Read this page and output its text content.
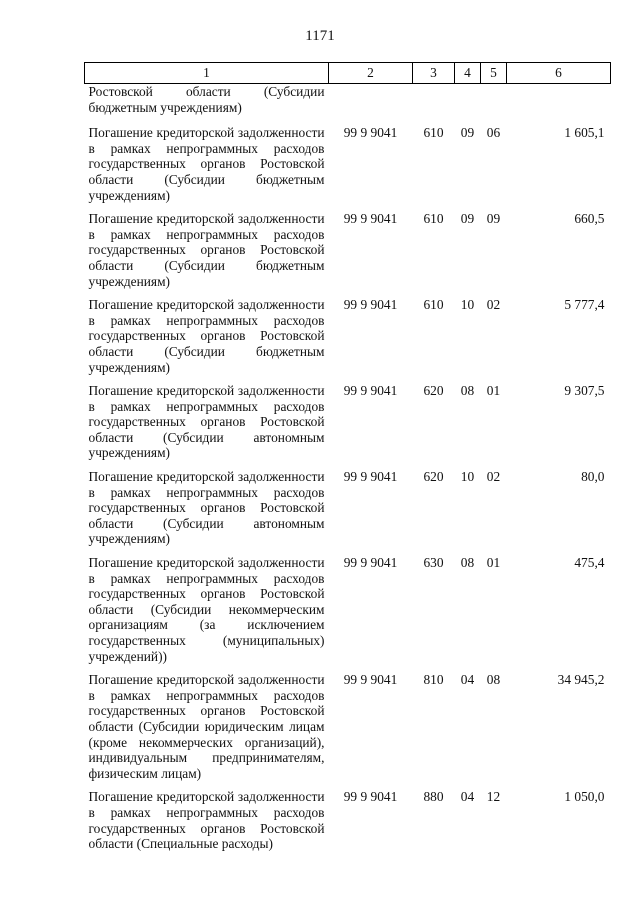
1171
1	2	3	4	5	6
Ростовской области (Субсидии бюджетным учреждениям)					
Погашение кредиторской задолженности в рамках непрограммных расходов государственных органов Ростовской области (Субсидии бюджетным учреждениям)	99 9 9041	610	09	06	1 605,1
Погашение кредиторской задолженности в рамках непрограммных расходов государственных органов Ростовской области (Субсидии бюджетным учреждениям)	99 9 9041	610	09	09	660,5
Погашение кредиторской задолженности в рамках непрограммных расходов государственных органов Ростовской области (Субсидии бюджетным учреждениям)	99 9 9041	610	10	02	5 777,4
Погашение кредиторской задолженности в рамках непрограммных расходов государственных органов Ростовской области (Субсидии автономным учреждениям)	99 9 9041	620	08	01	9 307,5
Погашение кредиторской задолженности в рамках непрограммных расходов государственных органов Ростовской области (Субсидии автономным учреждениям)	99 9 9041	620	10	02	80,0
Погашение кредиторской задолженности в рамках непрограммных расходов государственных органов Ростовской области (Субсидии некоммерческим организациям (за исключением государственных (муниципальных) учреждений))	99 9 9041	630	08	01	475,4
Погашение кредиторской задолженности в рамках непрограммных расходов государственных органов Ростовской области (Субсидии юридическим лицам (кроме некоммерческих организаций), индивидуальным предпринимателям, физическим лицам)	99 9 9041	810	04	08	34 945,2
Погашение кредиторской задолженности в рамках непрограммных расходов государственных органов Ростовской области (Специальные расходы)	99 9 9041	880	04	12	1 050,0
